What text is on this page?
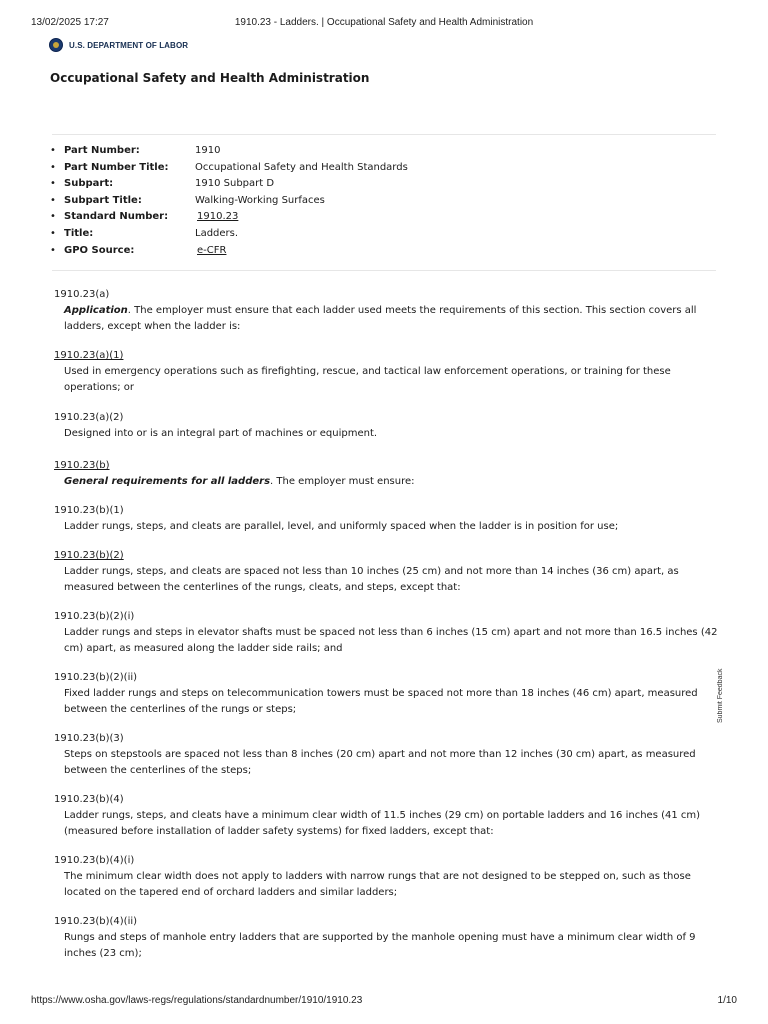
13/02/2025 17:27	1910.23 - Ladders. | Occupational Safety and Health Administration
U.S. DEPARTMENT OF LABOR
Occupational Safety and Health Administration
• Part Number:	1910
• Part Number Title:	Occupational Safety and Health Standards
• Subpart:	1910 Subpart D
• Subpart Title:	Walking-Working Surfaces
• Standard Number:	1910.23
• Title:	Ladders.
• GPO Source:	e-CFR
1910.23(a)
Application. The employer must ensure that each ladder used meets the requirements of this section. This section covers all ladders, except when the ladder is:
1910.23(a)(1)
Used in emergency operations such as firefighting, rescue, and tactical law enforcement operations, or training for these operations; or
1910.23(a)(2)
Designed into or is an integral part of machines or equipment.
1910.23(b)
General requirements for all ladders. The employer must ensure:
1910.23(b)(1)
Ladder rungs, steps, and cleats are parallel, level, and uniformly spaced when the ladder is in position for use;
1910.23(b)(2)
Ladder rungs, steps, and cleats are spaced not less than 10 inches (25 cm) and not more than 14 inches (36 cm) apart, as measured between the centerlines of the rungs, cleats, and steps, except that:
1910.23(b)(2)(i)
Ladder rungs and steps in elevator shafts must be spaced not less than 6 inches (15 cm) apart and not more than 16.5 inches (42 cm) apart, as measured along the ladder side rails; and
1910.23(b)(2)(ii)
Fixed ladder rungs and steps on telecommunication towers must be spaced not more than 18 inches (46 cm) apart, measured between the centerlines of the rungs or steps;
1910.23(b)(3)
Steps on stepstools are spaced not less than 8 inches (20 cm) apart and not more than 12 inches (30 cm) apart, as measured between the centerlines of the steps;
1910.23(b)(4)
Ladder rungs, steps, and cleats have a minimum clear width of 11.5 inches (29 cm) on portable ladders and 16 inches (41 cm) (measured before installation of ladder safety systems) for fixed ladders, except that:
1910.23(b)(4)(i)
The minimum clear width does not apply to ladders with narrow rungs that are not designed to be stepped on, such as those located on the tapered end of orchard ladders and similar ladders;
1910.23(b)(4)(ii)
Rungs and steps of manhole entry ladders that are supported by the manhole opening must have a minimum clear width of 9 inches (23 cm);
Submit Feedback
https://www.osha.gov/laws-regs/regulations/standardnumber/1910/1910.23	1/10
